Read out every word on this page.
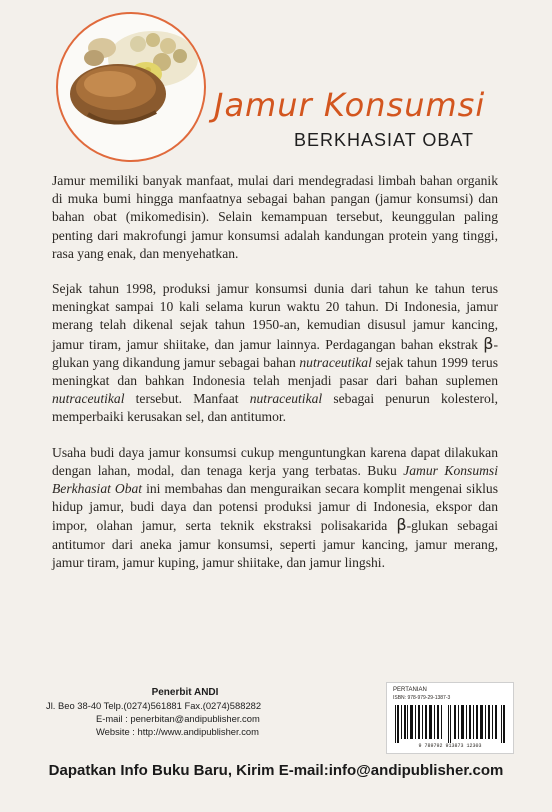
Jamur Konsumsi
BERKHASIAT OBAT

Jamur memiliki banyak manfaat, mulai dari mendegradasi limbah bahan organik di muka bumi hingga manfaatnya sebagai bahan pangan (jamur konsumsi) dan bahan obat (mikomedisin). Selain kemampuan tersebut, keunggulan paling penting dari makrofungi jamur konsumsi adalah kandungan protein yang tinggi, rasa yang enak, dan menyehatkan.

Sejak tahun 1998, produksi jamur konsumsi dunia dari tahun ke tahun terus meningkat sampai 10 kali selama kurun waktu 20 tahun. Di Indonesia, jamur merang telah dikenal sejak tahun 1950-an, kemudian disusul jamur kancing, jamur tiram, jamur shiitake, dan jamur lainnya. Perdagangan bahan ekstrak β-glukan yang dikandung jamur sebagai bahan nutraceutikal sejak tahun 1999 terus meningkat dan bahkan Indonesia telah menjadi pasar dari bahan suplemen nutraceutikal tersebut. Manfaat nutraceutikal sebagai penurun kolesterol, memperbaiki kerusakan sel, dan antitumor.

Usaha budi daya jamur konsumsi cukup menguntungkan karena dapat dilakukan dengan lahan, modal, dan tenaga kerja yang terbatas. Buku Jamur Konsumsi Berkhasiat Obat ini membahas dan menguraikan secara komplit mengenai siklus hidup jamur, budi daya dan potensi produksi jamur di Indonesia, ekspor dan impor, olahan jamur, serta teknik ekstraksi polisakarida β-glukan sebagai antitumor dari aneka jamur konsumsi, seperti jamur kancing, jamur merang, jamur tiram, jamur kuping, jamur shiitake, dan jamur lingshi.

Penerbit ANDI
Jl. Beo 38-40 Telp.(0274)561881 Fax.(0274)588282
E-mail : penerbitan@andipublisher.com
Website : http://www.andipublisher.com
PERTANIAN
ISBN: 978-979-29-1387-3
9 789792 913873 12303
Dapatkan Info Buku Baru, Kirim E-mail:info@andipublisher.com
